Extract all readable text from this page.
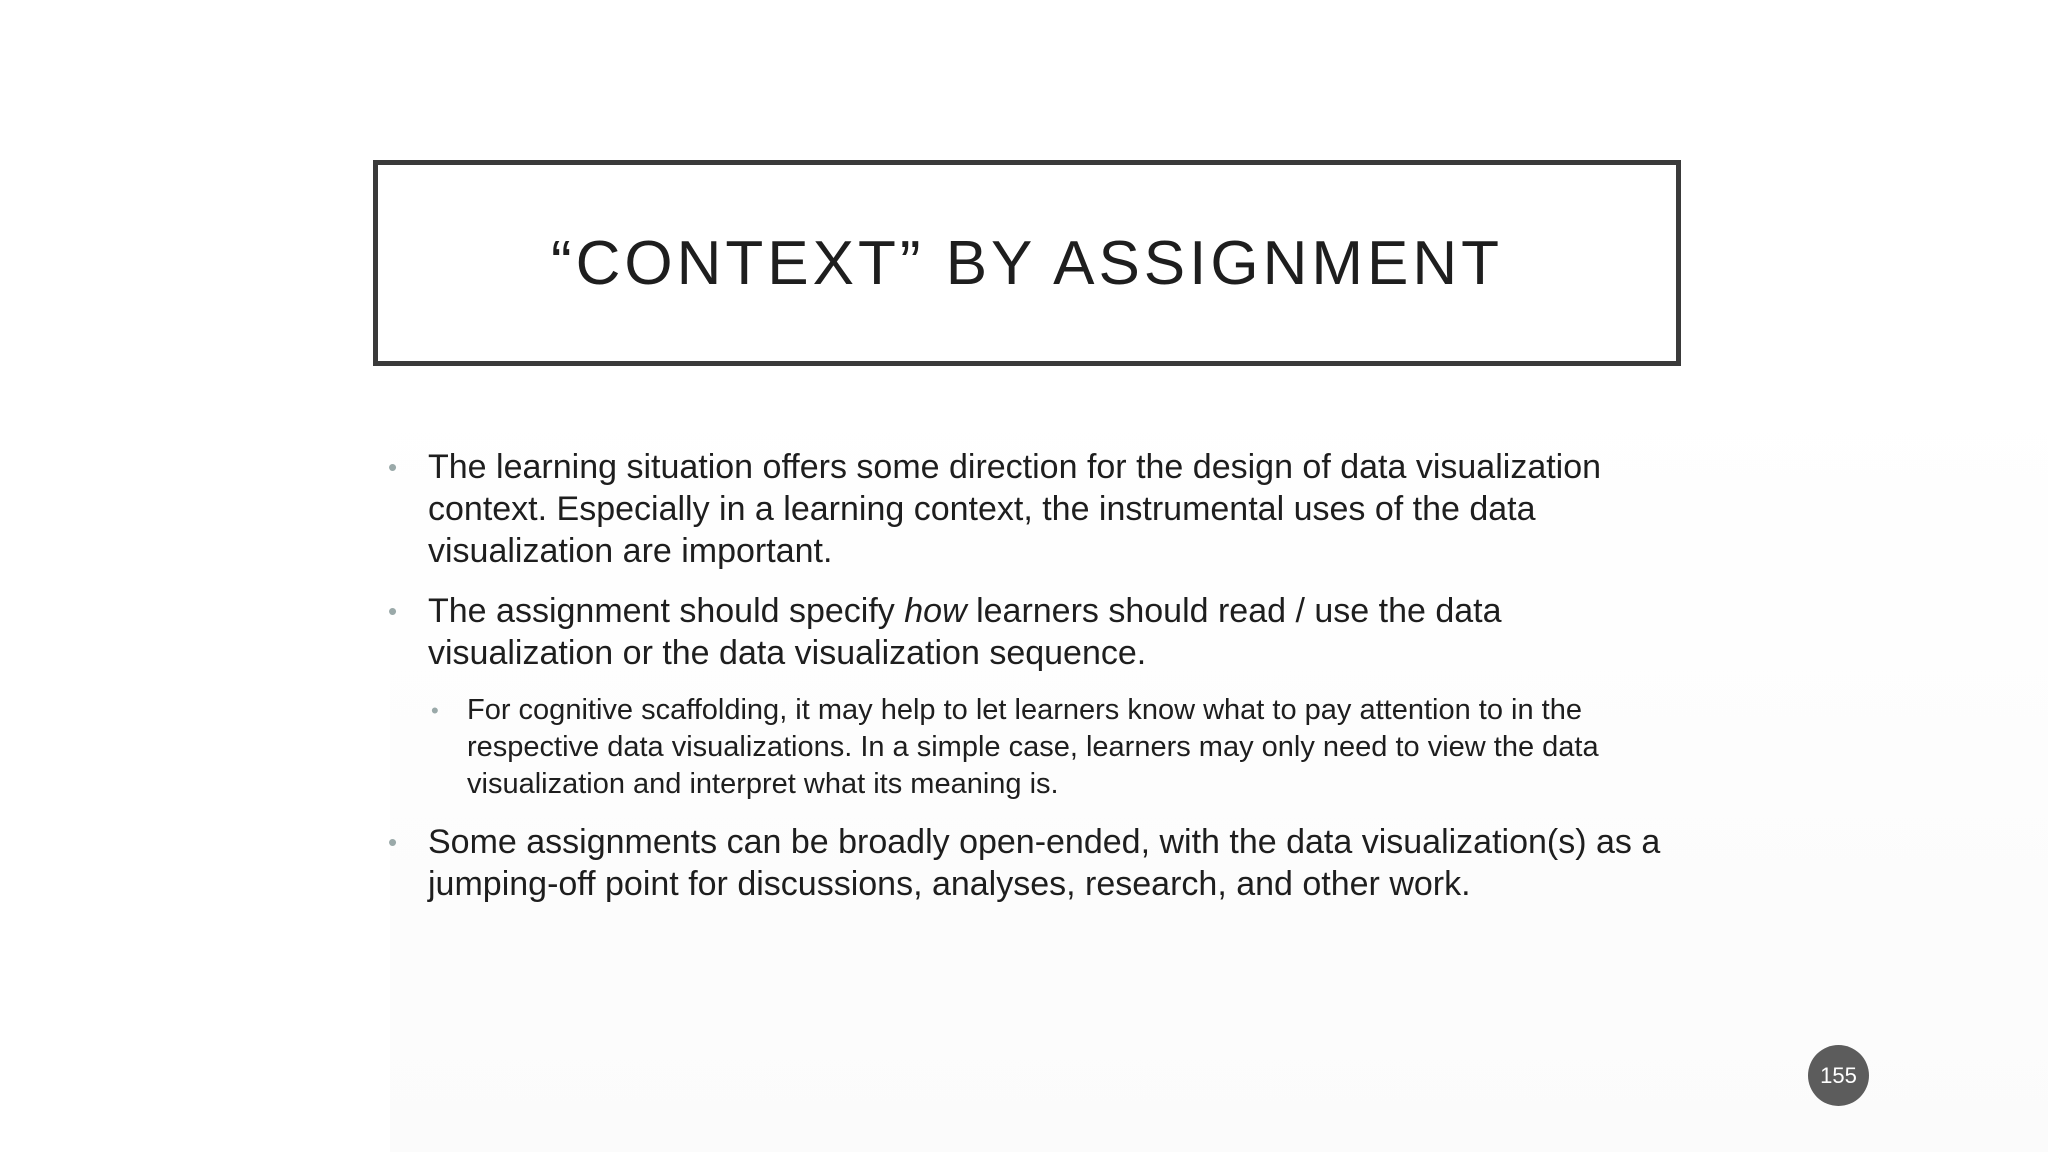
“CONTEXT” BY ASSIGNMENT
• The learning situation offers some direction for the design of data visualization context. Especially in a learning context, the instrumental uses of the data visualization are important.
• The assignment should specify how learners should read / use the data visualization or the data visualization sequence.
• For cognitive scaffolding, it may help to let learners know what to pay attention to in the respective data visualizations. In a simple case, learners may only need to view the data visualization and interpret what its meaning is.
• Some assignments can be broadly open-ended, with the data visualization(s) as a jumping-off point for discussions, analyses, research, and other work.
155
